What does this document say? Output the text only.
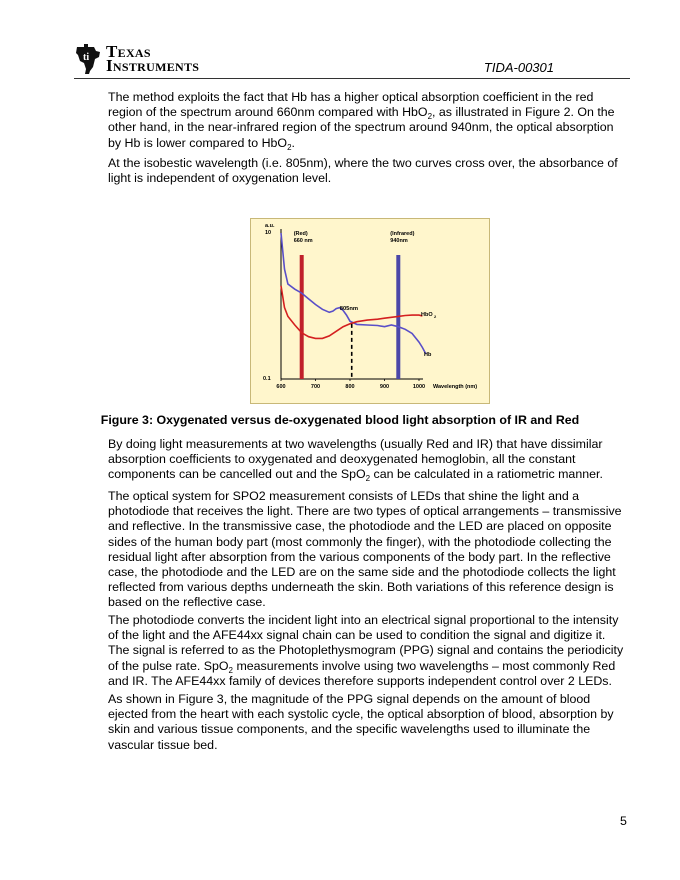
ti Texas
Instruments	TIDA-00301

The method exploits the fact that Hb has a higher optical absorption coefficient in the red region of the spectrum around 660nm compared with HbO$_2$, as illustrated in Figure 2. On the other hand, in the near-infrared region of the spectrum around 940nm, the optical absorption by Hb is lower compared to HbO$_2$.

At the isobestic wavelength (i.e. 805nm), where the two curves cross over, the absorbance of light is independent of oxygenation level.

a.u.
10
0.1
600	700	800	900	1000 Wavelength (nm)
(Red)
660 nm
(Infrared)
940nm
805nm
HbO 2
Hb
Figure 3: Oxygenated versus de-oxygenated blood light absorption of IR and Red

By doing light measurements at two wavelengths (usually Red and IR) that have dissimilar absorption coefficients to oxygenated and deoxygenated hemoglobin, all the constant components can be cancelled out and the SpO$_2$ can be calculated in a ratiometric manner.

The optical system for SPO2 measurement consists of LEDs that shine the light and a photodiode that receives the light. There are two types of optical arrangements – transmissive and reflective. In the transmissive case, the photodiode and the LED are placed on opposite sides of the human body part (most commonly the finger), with the photodiode collecting the residual light after absorption from the various components of the body part. In the reflective case, the photodiode and the LED are on the same side and the photodiode collects the light reflected from various depths underneath the skin. Both variations of this reference design is based on the reflective case.

The photodiode converts the incident light into an electrical signal proportional to the intensity of the light and the AFE44xx signal chain can be used to condition the signal and digitize it. The signal is referred to as the Photoplethysmogram (PPG) signal and contains the periodicity of the pulse rate. SpO$_2$ measurements involve using two wavelengths – most commonly Red and IR. The AFE44xx family of devices therefore supports independent control over 2 LEDs.

As shown in Figure 3, the magnitude of the PPG signal depends on the amount of blood ejected from the heart with each systolic cycle, the optical absorption of blood, absorption by skin and various tissue components, and the specific wavelengths used to illuminate the vascular tissue bed.

5
